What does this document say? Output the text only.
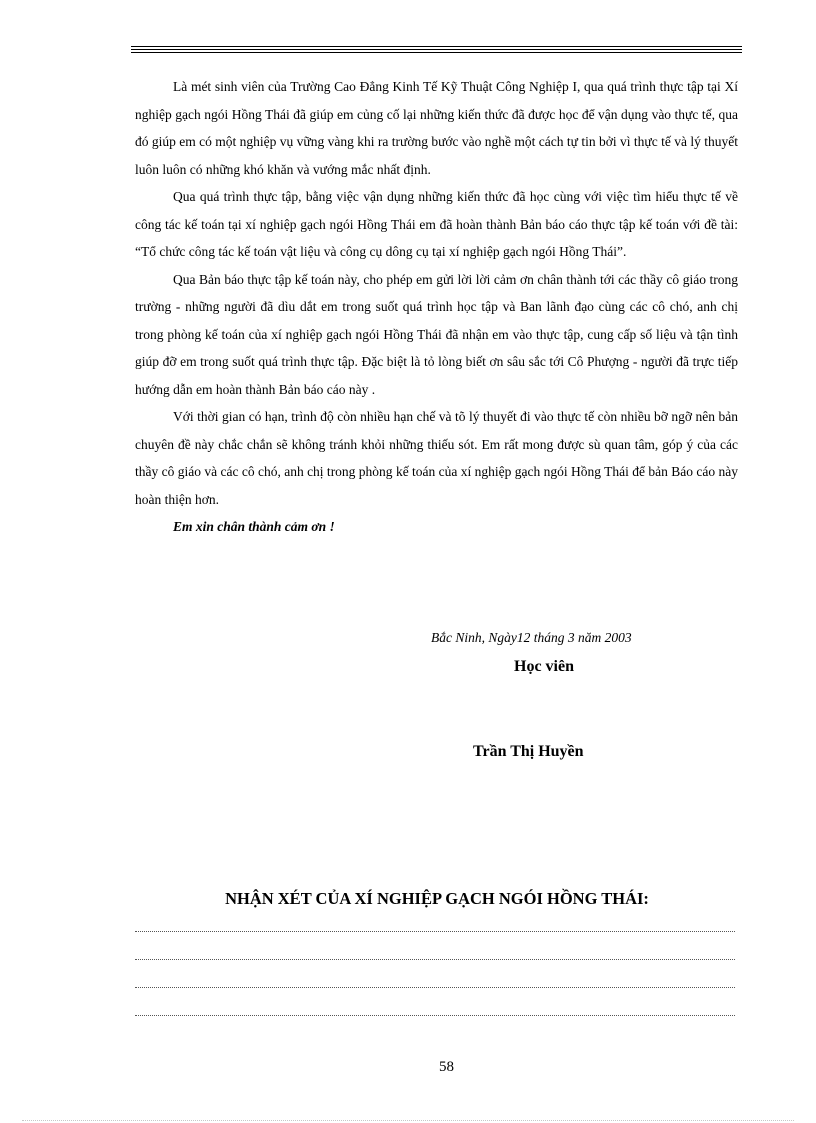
Là mét sinh viên của Trường Cao Đẳng Kinh Tế Kỹ Thuật Công Nghiệp I, qua quá trình thực tập tại Xí nghiệp gạch ngói Hồng Thái đã giúp em củng cố lại những kiến thức đã được học để vận dụng vào thực tế, qua đó giúp em có một nghiệp vụ vững vàng khi ra trường bước vào nghề một cách tự tin bởi vì thực tế và lý thuyết luôn luôn có những khó khăn và vướng mắc nhất định.

Qua quá trình thực tập, bằng việc vận dụng những kiến thức đã học cùng với việc tìm hiểu thực tế về công tác kế toán tại xí nghiệp gạch ngói Hồng Thái em đã hoàn thành Bản báo cáo thực tập kế toán với đề tài: “Tổ chức công tác kế toán vật liệu và công cụ dông cụ tại xí nghiệp gạch ngói Hồng Thái”.

Qua Bản báo thực tập kế toán này, cho phép em gửi lời lời cảm ơn chân thành tới các thầy cô giáo trong trường - những người đã dìu dắt em trong suốt quá trình học tập và Ban lãnh đạo cùng các cô chó, anh chị trong phòng kế toán của xí nghiệp gạch ngói Hồng Thái đã nhận em vào thực tập, cung cấp số liệu và tận tình giúp đỡ em trong suốt quá trình thực tập. Đặc biệt là tỏ lòng biết ơn sâu sắc tới Cô Phượng - người đã trực tiếp hướng dẫn em hoàn thành Bản báo cáo này .

Với thời gian có hạn, trình độ còn nhiều hạn chế và tõ lý thuyết đi vào thực tế còn nhiều bỡ ngỡ nên bản chuyên đề này chắc chắn sẽ không tránh khỏi những thiếu sót. Em rất mong được sù quan tâm, góp ý của các thầy cô giáo và các cô chó, anh chị trong phòng kế toán của xí nghiệp gạch ngói Hồng Thái để bản Báo cáo này hoàn thiện hơn.

Em xin chân thành cảm ơn !

Bắc Ninh, Ngày12 tháng 3 năm 2003
Học viên
Trần Thị Huyền
NHẬN XÉT CỦA XÍ NGHIỆP GẠCH NGÓI HỒNG THÁI:
58
